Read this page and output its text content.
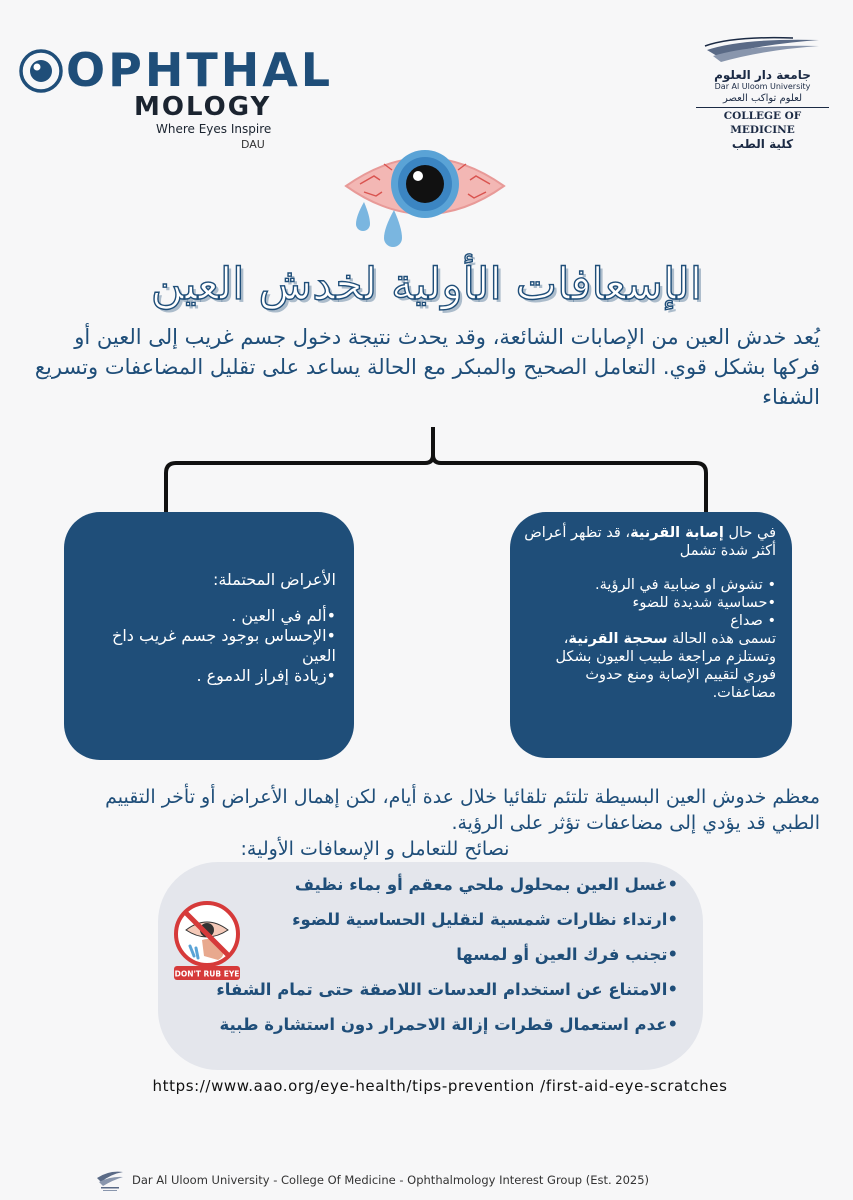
OPHTHAL
MOLOGY
Where Eyes Inspire
DAU
جامعة دار العلوم
Dar Al Uloom University
لعلوم تواكب العصر
COLLEGE OF MEDICINE
كلية الطب
الإسعافات الأولية لخدش العين
يُعد خدش العين من الإصابات الشائعة، وقد يحدث نتيجة دخول جسم غريب إلى العين أو فركها بشكل قوي. التعامل الصحيح والمبكر مع الحالة يساعد على تقليل المضاعفات وتسريع الشفاء

في حال إصابة القرنية، قد تظهر أعراض أكثر شدة تشمل

• تشوش او ضبابية في الرؤية.

•حساسية شديدة للضوء

• صداع

تسمى هذه الحالة سحجة القرنية، وتستلزم مراجعة طبيب العيون بشكل فوري لتقييم الإصابة ومنع حدوث مضاعفات.

الأعراض المحتملة:
•ألم في العين .
•الإحساس بوجود جسم غريب داخ العين
•زيادة إفراز الدموع .
معظم خدوش العين البسيطة تلتئم تلقائيا خلال عدة أيام، لكن إهمال الأعراض أو تأخر التقييم الطبي قد يؤدي إلى مضاعفات تؤثر على الرؤية.
نصائح للتعامل و الإسعافات الأولية:
•غسل العين بمحلول ملحي معقم أو بماء نظيف
•ارتداء نظارات شمسية لتقليل الحساسية للضوء
•تجنب فرك العين أو لمسها
•الامتناع عن استخدام العدسات اللاصقة حتى تمام الشفاء
•عدم استعمال قطرات إزالة الاحمرار دون استشارة طبية
DON'T RUB EYE
https://www.aao.org/eye-health/tips-prevention /first-aid-eye-scratches
Dar Al Uloom University - College Of Medicine - Ophthalmology Interest Group (Est. 2025)
